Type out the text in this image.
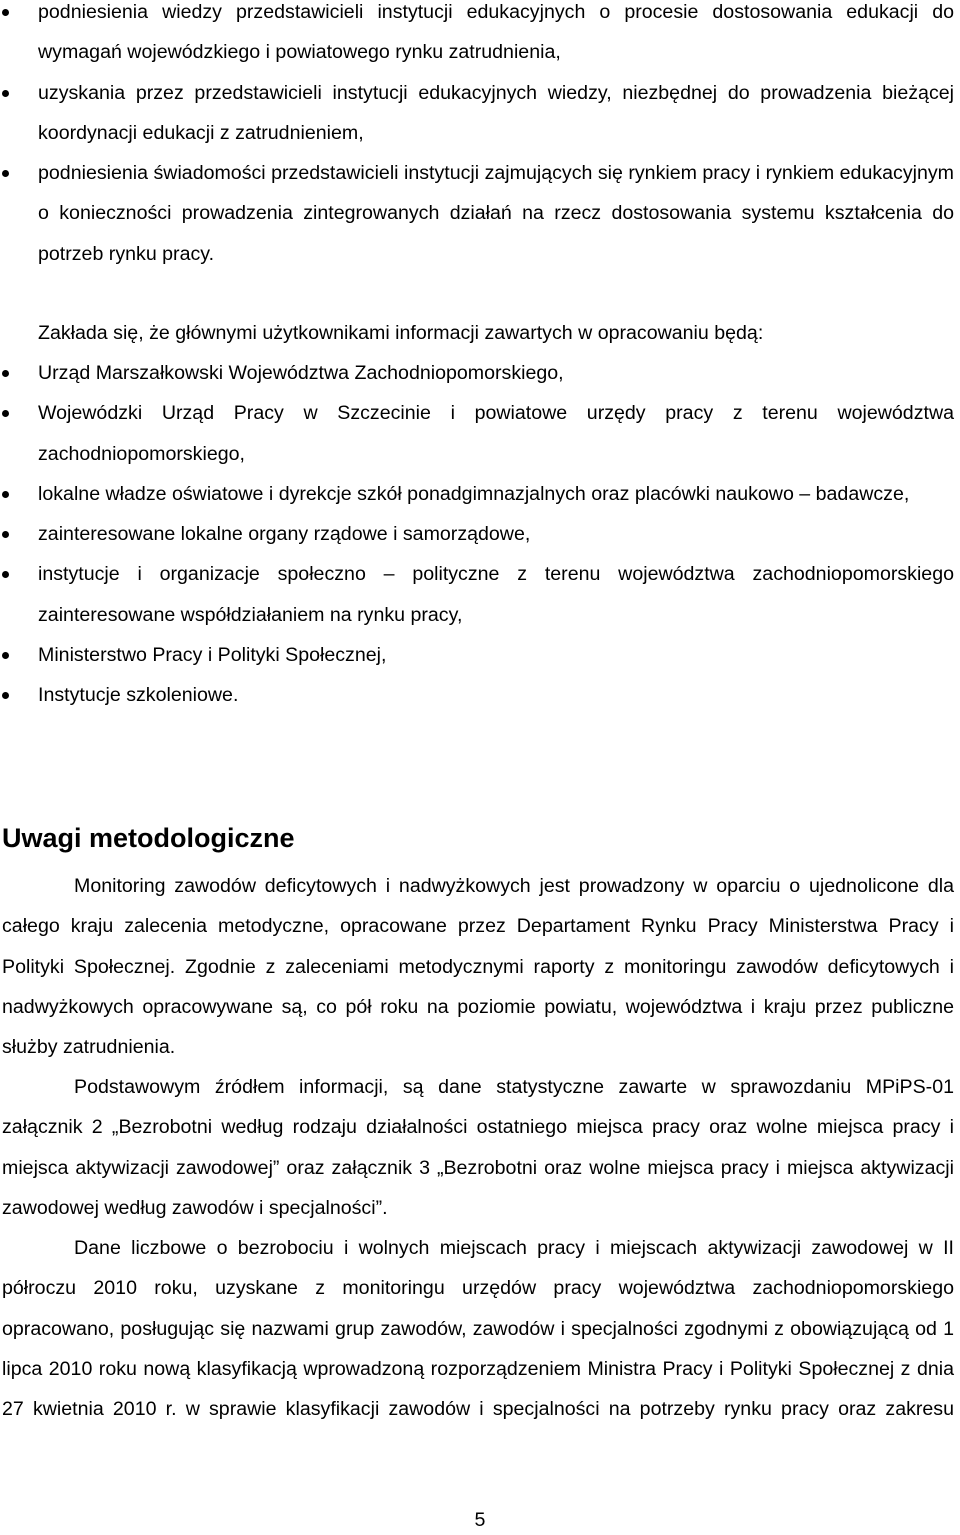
podniesienia wiedzy przedstawicieli instytucji edukacyjnych o procesie dostosowania edukacji do wymagań wojewódzkiego i powiatowego rynku zatrudnienia,
uzyskania przez przedstawicieli instytucji edukacyjnych wiedzy, niezbędnej do prowadzenia bieżącej koordynacji edukacji z zatrudnieniem,
podniesienia świadomości przedstawicieli instytucji zajmujących się rynkiem pracy i rynkiem edukacyjnym o konieczności prowadzenia zintegrowanych działań na rzecz dostosowania systemu kształcenia do potrzeb rynku pracy.

Zakłada się, że głównymi użytkownikami informacji zawartych w opracowaniu będą:

Urząd Marszałkowski Województwa Zachodniopomorskiego,
Wojewódzki Urząd Pracy w Szczecinie i powiatowe urzędy pracy z terenu województwa zachodniopomorskiego,
lokalne władze oświatowe i dyrekcje szkół ponadgimnazjalnych oraz placówki naukowo – badawcze,
zainteresowane lokalne organy rządowe i samorządowe,
instytucje i organizacje społeczno – polityczne z terenu województwa zachodniopomorskiego zainteresowane współdziałaniem na rynku pracy,
Ministerstwo Pracy i Polityki Społecznej,
Instytucje szkoleniowe.
Uwagi metodologiczne

Monitoring zawodów deficytowych i nadwyżkowych jest prowadzony w oparciu o ujednolicone dla całego kraju zalecenia metodyczne, opracowane przez Departament Rynku Pracy Ministerstwa Pracy i Polityki Społecznej. Zgodnie z zaleceniami metodycznymi raporty z monitoringu zawodów deficytowych i nadwyżkowych opracowywane są, co pół roku na poziomie powiatu, województwa i kraju przez publiczne służby zatrudnienia.

Podstawowym źródłem informacji, są dane statystyczne zawarte w sprawozdaniu MPiPS-01 załącznik 2 „Bezrobotni według rodzaju działalności ostatniego miejsca pracy oraz wolne miejsca pracy i miejsca aktywizacji zawodowej” oraz załącznik 3 „Bezrobotni oraz wolne miejsca pracy i miejsca aktywizacji zawodowej według zawodów i specjalności”.

Dane liczbowe o bezrobociu i wolnych miejscach pracy i miejscach aktywizacji zawodowej w II półroczu 2010 roku, uzyskane z monitoringu urzędów pracy województwa zachodniopomorskiego opracowano, posługując się nazwami grup zawodów, zawodów i specjalności zgodnymi z obowiązującą od 1 lipca 2010 roku nową klasyfikacją wprowadzoną rozporządzeniem Ministra Pracy i Polityki Społecznej z dnia 27 kwietnia 2010 r. w sprawie klasyfikacji zawodów i specjalności na potrzeby rynku pracy oraz zakresu

5
